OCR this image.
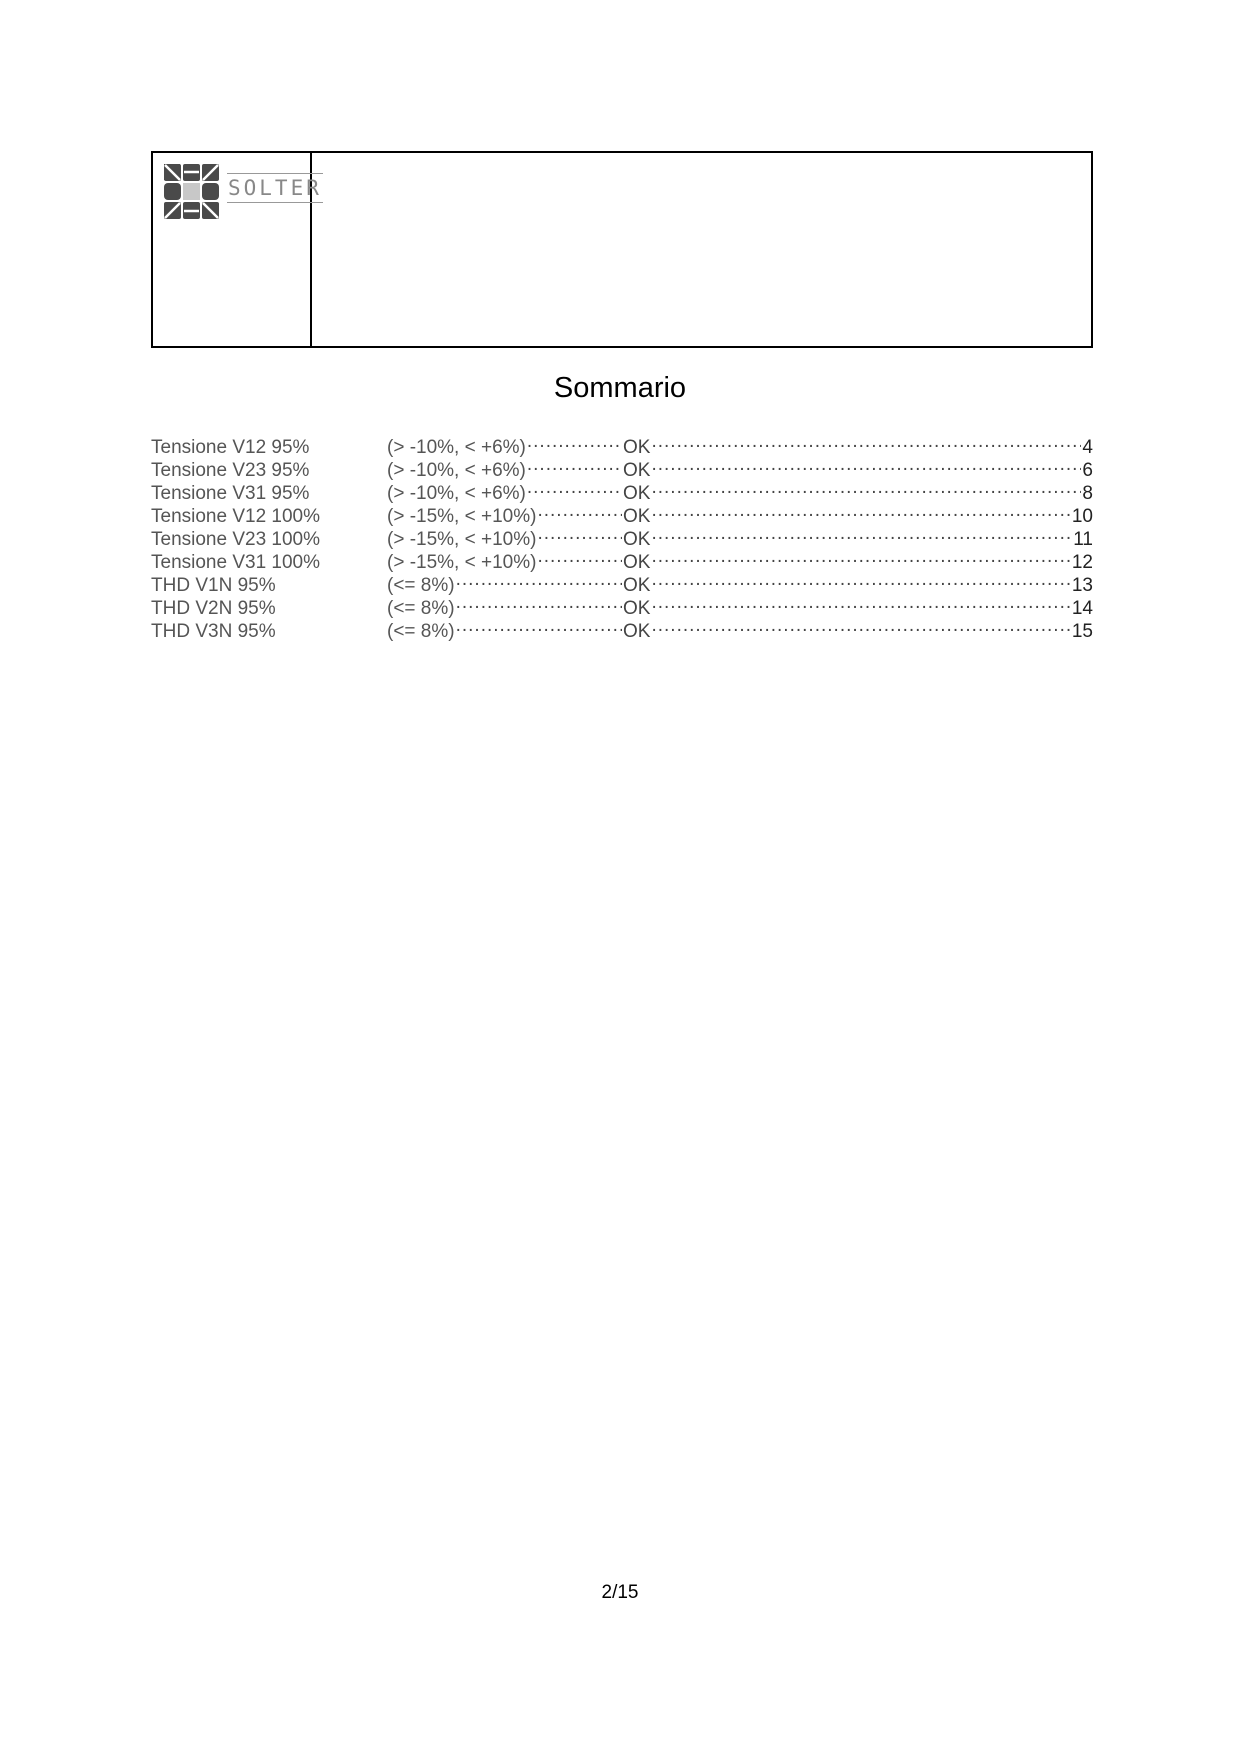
SOLTER
Sommario
Tensione V12 95%	(> -10%, < +6%) .....	OK .....	4
Tensione V23 95%	(> -10%, < +6%) .....	OK .....	6
Tensione V31 95%	(> -10%, < +6%) .....	OK .....	8
Tensione V12 100%	(> -15%, < +10%) .....	OK .....	10
Tensione V23 100%	(> -15%, < +10%) .....	OK .....	11
Tensione V31 100%	(> -15%, < +10%) .....	OK .....	12
THD V1N 95%	(<= 8%) .....	OK .....	13
THD V2N 95%	(<= 8%) .....	OK .....	14
THD V3N 95%	(<= 8%) .....	OK .....	15
2/15
